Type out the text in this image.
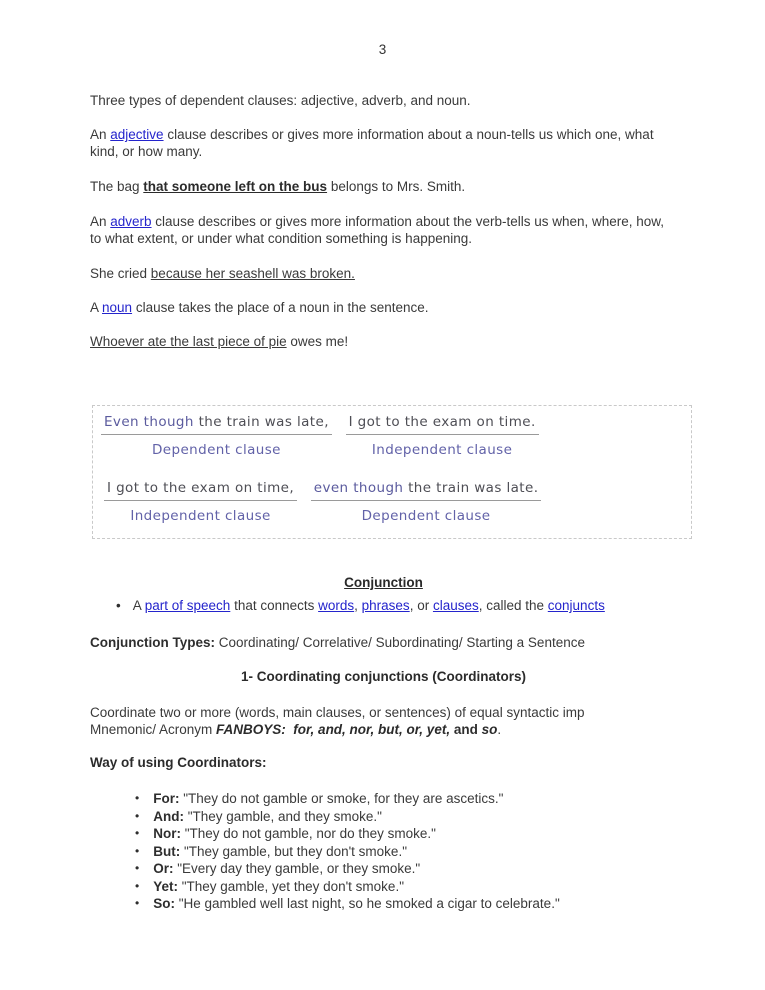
3

Three types of dependent clauses: adjective, adverb, and noun.

An adjective clause describes or gives more information about a noun-tells us which one, what kind, or how many.

The bag that someone left on the bus belongs to Mrs. Smith.

An adverb clause describes or gives more information about the verb-tells us when, where, how, to what extent, or under what condition something is happening.

She cried because her seashell was broken.

A noun clause takes the place of a noun in the sentence.

Whoever ate the last piece of pie owes me!

Even though the train was late,
Dependent clause
I got to the exam on time.
Independent clause
I got to the exam on time,
Independent clause
even though the train was late.
Dependent clause
Conjunction
• A part of speech that connects words, phrases, or clauses, called the conjuncts
Conjunction Types: Coordinating/ Correlative/ Subordinating/ Starting a Sentence
1- Coordinating conjunctions (Coordinators)
Coordinate two or more (words, main clauses, or sentences) of equal syntactic imp
Mnemonic/ Acronym FANBOYS:  for, and, nor, but, or, yet, and so.
Way of using Coordinators:
• For: "They do not gamble or smoke, for they are ascetics."
• And: "They gamble, and they smoke."
• Nor: "They do not gamble, nor do they smoke."
• But: "They gamble, but they don't smoke."
• Or: "Every day they gamble, or they smoke."
• Yet: "They gamble, yet they don't smoke."
• So: "He gambled well last night, so he smoked a cigar to celebrate."
